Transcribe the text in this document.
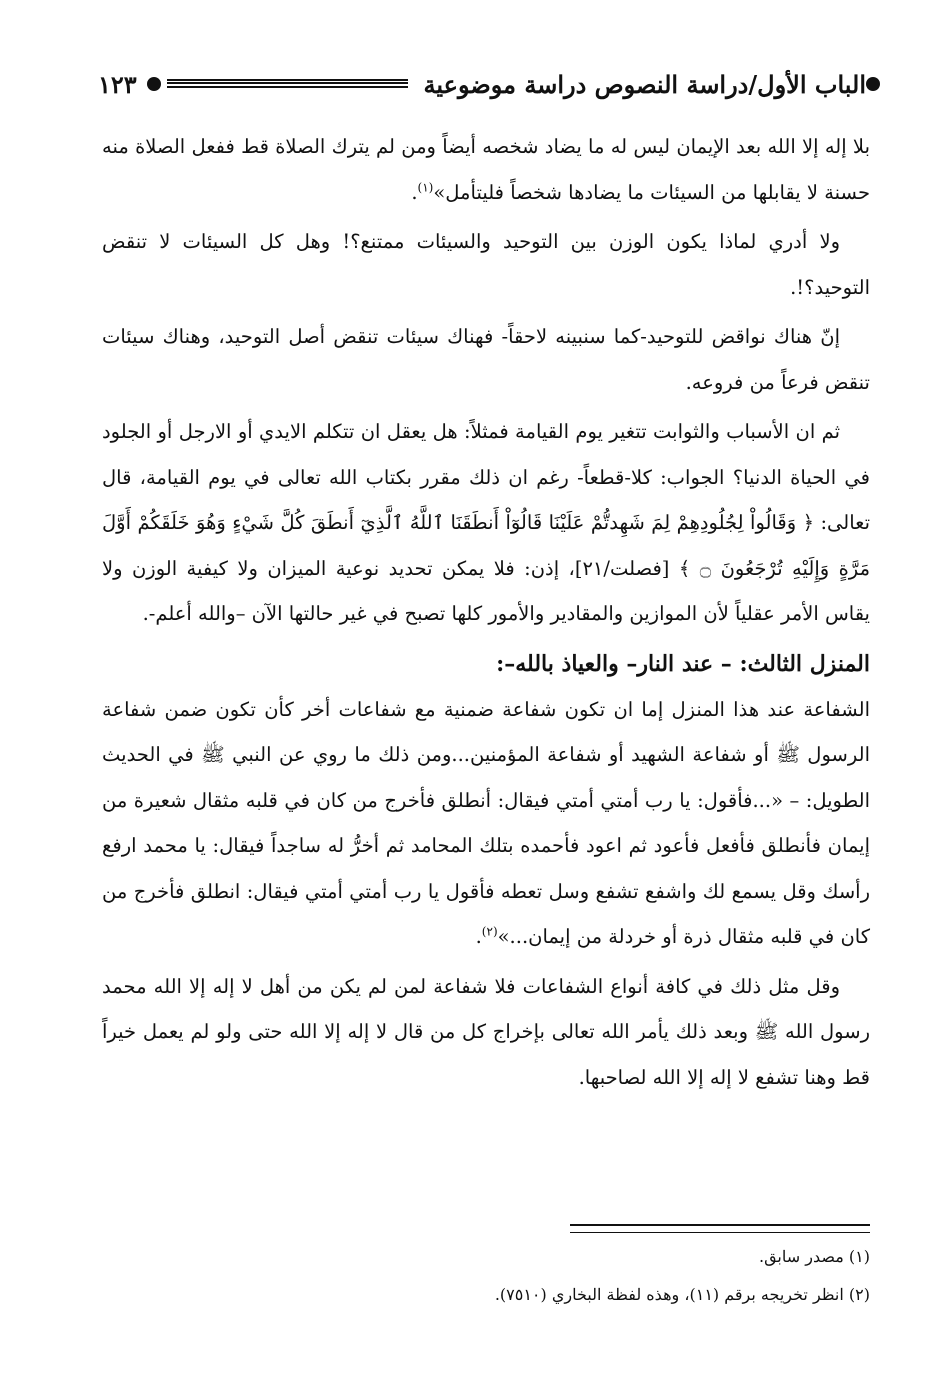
الباب الأول/دراسة النصوص دراسة موضوعية
١٢٣

بلا إله إلا الله بعد الإيمان ليس له ما يضاد شخصه أيضاً ومن لم يترك الصلاة قط ففعل الصلاة منه حسنة لا يقابلها من السيئات ما يضادها شخصاً فليتأمل»$^{(١)}$.

ولا أدري لماذا يكون الوزن بين التوحيد والسيئات ممتنع؟! وهل كل السيئات لا تنقض التوحيد؟!.

إنّ هناك نواقض للتوحيد-كما سنبينه لاحقاً- فهناك سيئات تنقض أصل التوحيد، وهناك سيئات تنقض فرعاً من فروعه.

ثم ان الأسباب والثوابت تتغير يوم القيامة فمثلاً: هل يعقل ان تتكلم الايدي أو الارجل أو الجلود في الحياة الدنيا؟ الجواب: كلا-قطعاً- رغم ان ذلك مقرر بكتاب الله تعالى في يوم القيامة، قال تعالى: ﴿ وَقَالُواْ لِجُلُودِهِمْ لِمَ شَهِدتُّمْ عَلَيْنَا قَالُوٓاْ أَنطَقَنَا ٱللَّهُ ٱلَّذِيٓ أَنطَقَ كُلَّ شَيْءٍ وَهُوَ خَلَقَكُمْ أَوَّلَ مَرَّةٍ وَإِلَيْهِ تُرْجَعُونَ ۝ ﴾ [فصلت/٢١]، إذن: فلا يمكن تحديد نوعية الميزان ولا كيفية الوزن ولا يقاس الأمر عقلياً لأن الموازين والمقادير والأمور كلها تصبح في غير حالتها الآن –والله أعلم-.

المنزل الثالث: – عند النار– والعياذ بالله–:

الشفاعة عند هذا المنزل إما ان تكون شفاعة ضمنية مع شفاعات أخر كأن تكون ضمن شفاعة الرسول ﷺ أو شفاعة الشهيد أو شفاعة المؤمنين...ومن ذلك ما روي عن النبي ﷺ في الحديث الطويل: – «...فأقول: يا رب أمتي أمتي فيقال: أنطلق فأخرج من كان في قلبه مثقال شعيرة من إيمان فأنطلق فأفعل فأعود ثم اعود فأحمده بتلك المحامد ثم أخرُّ له ساجداً فيقال: يا محمد ارفع رأسك وقل يسمع لك واشفع تشفع وسل تعطه فأقول يا رب أمتي أمتي فيقال: انطلق فأخرج من كان في قلبه مثقال ذرة أو خردلة من إيمان...»$^{(٢)}$.

وقل مثل ذلك في كافة أنواع الشفاعات فلا شفاعة لمن لم يكن من أهل لا إله إلا الله محمد رسول الله ﷺ وبعد ذلك يأمر الله تعالى بإخراج كل من قال لا إله إلا الله حتى ولو لم يعمل خيراً قط وهنا تشفع لا إله إلا الله لصاحبها.

(١) مصدر سابق.
(٢) انظر تخريجه برقم (١١)، وهذه لفظة البخاري (٧٥١٠).
